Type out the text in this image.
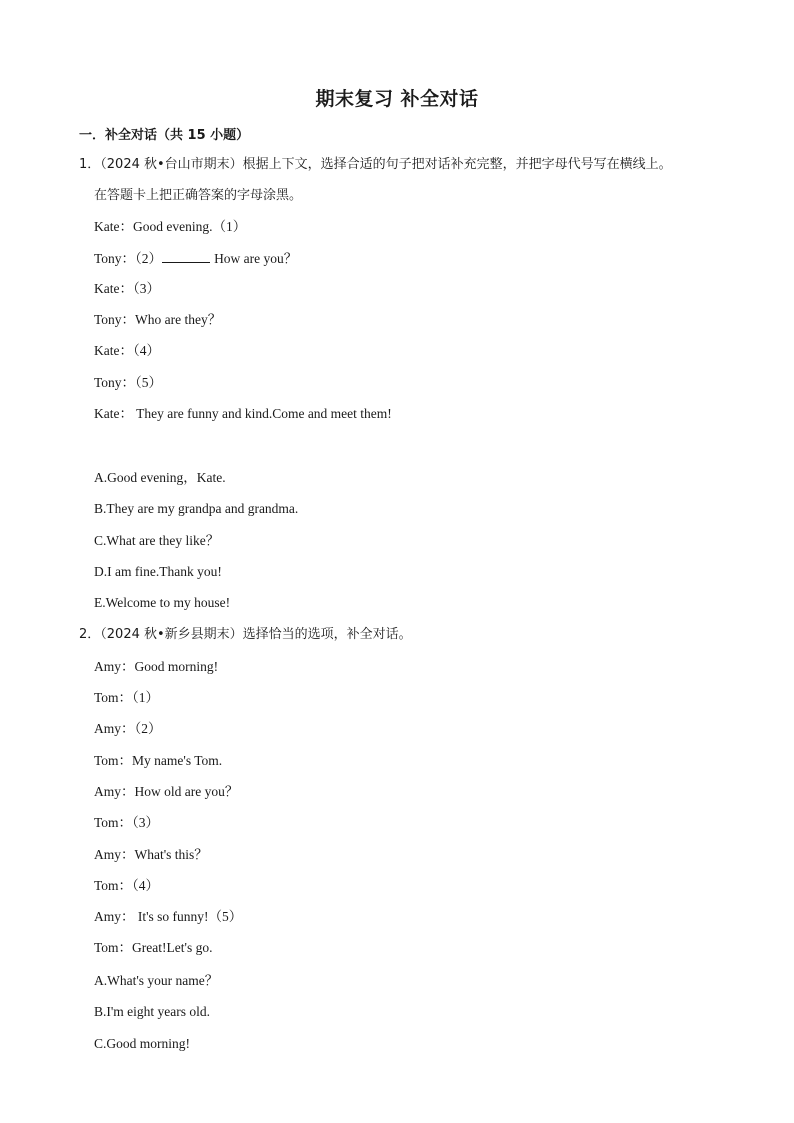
期末复习 补全对话
一．补全对话（共 15 小题）
1．（2024 秋•台山市期末）根据上下文，选择合适的句子把对话补充完整，并把字母代号写在横线上。
在答题卡上把正确答案的字母涂黑。
Kate：Good evening.（1）
Tony：（2）	How are you？
Kate：（3）
Tony：Who are they？
Kate：（4）
Tony：（5）
Kate： They are funny and kind.Come and meet them!
A.Good evening，Kate.
B.They are my grandpa and grandma.
C.What are they like？
D.I am fine.Thank you!
E.Welcome to my house!
2．（2024 秋•新乡县期末）选择恰当的选项，补全对话。
Amy：Good morning!
Tom：（1）
Amy：（2）
Tom：My name's Tom.
Amy：How old are you？
Tom：（3）
Amy：What's this？
Tom：（4）
Amy： It's so funny!（5）
Tom：Great!Let's go.
A.What's your name？
B.I'm eight years old.
C.Good morning!
